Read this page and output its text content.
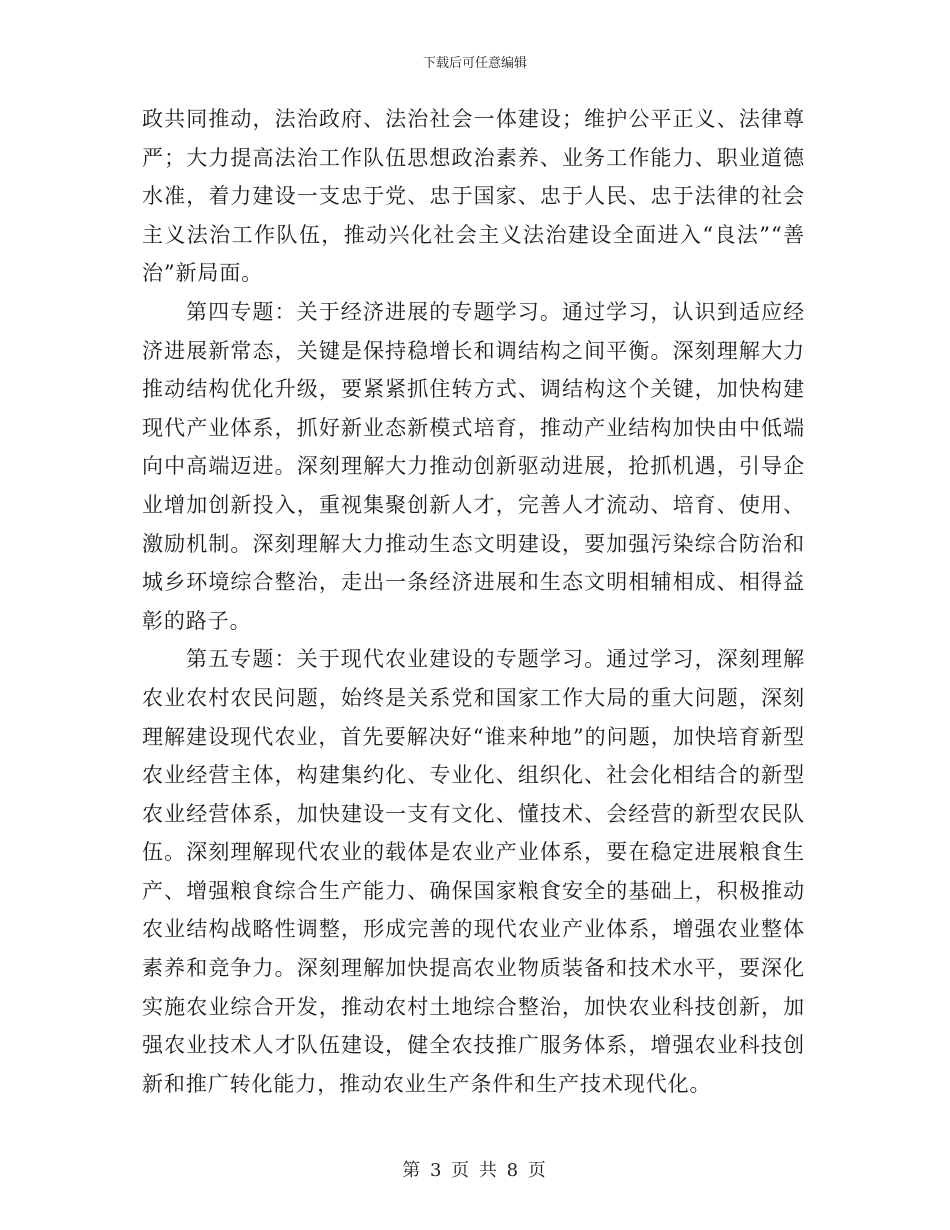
下载后可任意编辑

政共同推动，法治政府、法治社会一体建设；维护公平正义、法律尊严；大力提高法治工作队伍思想政治素养、业务工作能力、职业道德水准，着力建设一支忠于党、忠于国家、忠于人民、忠于法律的社会主义法治工作队伍，推动兴化社会主义法治建设全面进入“良法”“善治”新局面。

第四专题：关于经济进展的专题学习。通过学习，认识到适应经济进展新常态，关键是保持稳增长和调结构之间平衡。深刻理解大力推动结构优化升级，要紧紧抓住转方式、调结构这个关键，加快构建现代产业体系，抓好新业态新模式培育，推动产业结构加快由中低端向中高端迈进。深刻理解大力推动创新驱动进展，抢抓机遇，引导企业增加创新投入，重视集聚创新人才，完善人才流动、培育、使用、激励机制。深刻理解大力推动生态文明建设，要加强污染综合防治和城乡环境综合整治，走出一条经济进展和生态文明相辅相成、相得益彰的路子。

第五专题：关于现代农业建设的专题学习。通过学习，深刻理解农业农村农民问题，始终是关系党和国家工作大局的重大问题，深刻理解建设现代农业，首先要解决好“谁来种地”的问题，加快培育新型农业经营主体，构建集约化、专业化、组织化、社会化相结合的新型农业经营体系，加快建设一支有文化、懂技术、会经营的新型农民队伍。深刻理解现代农业的载体是农业产业体系，要在稳定进展粮食生产、增强粮食综合生产能力、确保国家粮食安全的基础上，积极推动农业结构战略性调整，形成完善的现代农业产业体系，增强农业整体素养和竞争力。深刻理解加快提高农业物质装备和技术水平，要深化实施农业综合开发，推动农村土地综合整治，加快农业科技创新，加强农业技术人才队伍建设，健全农技推广服务体系，增强农业科技创新和推广转化能力，推动农业生产条件和生产技术现代化。

第 3 页 共 8 页
